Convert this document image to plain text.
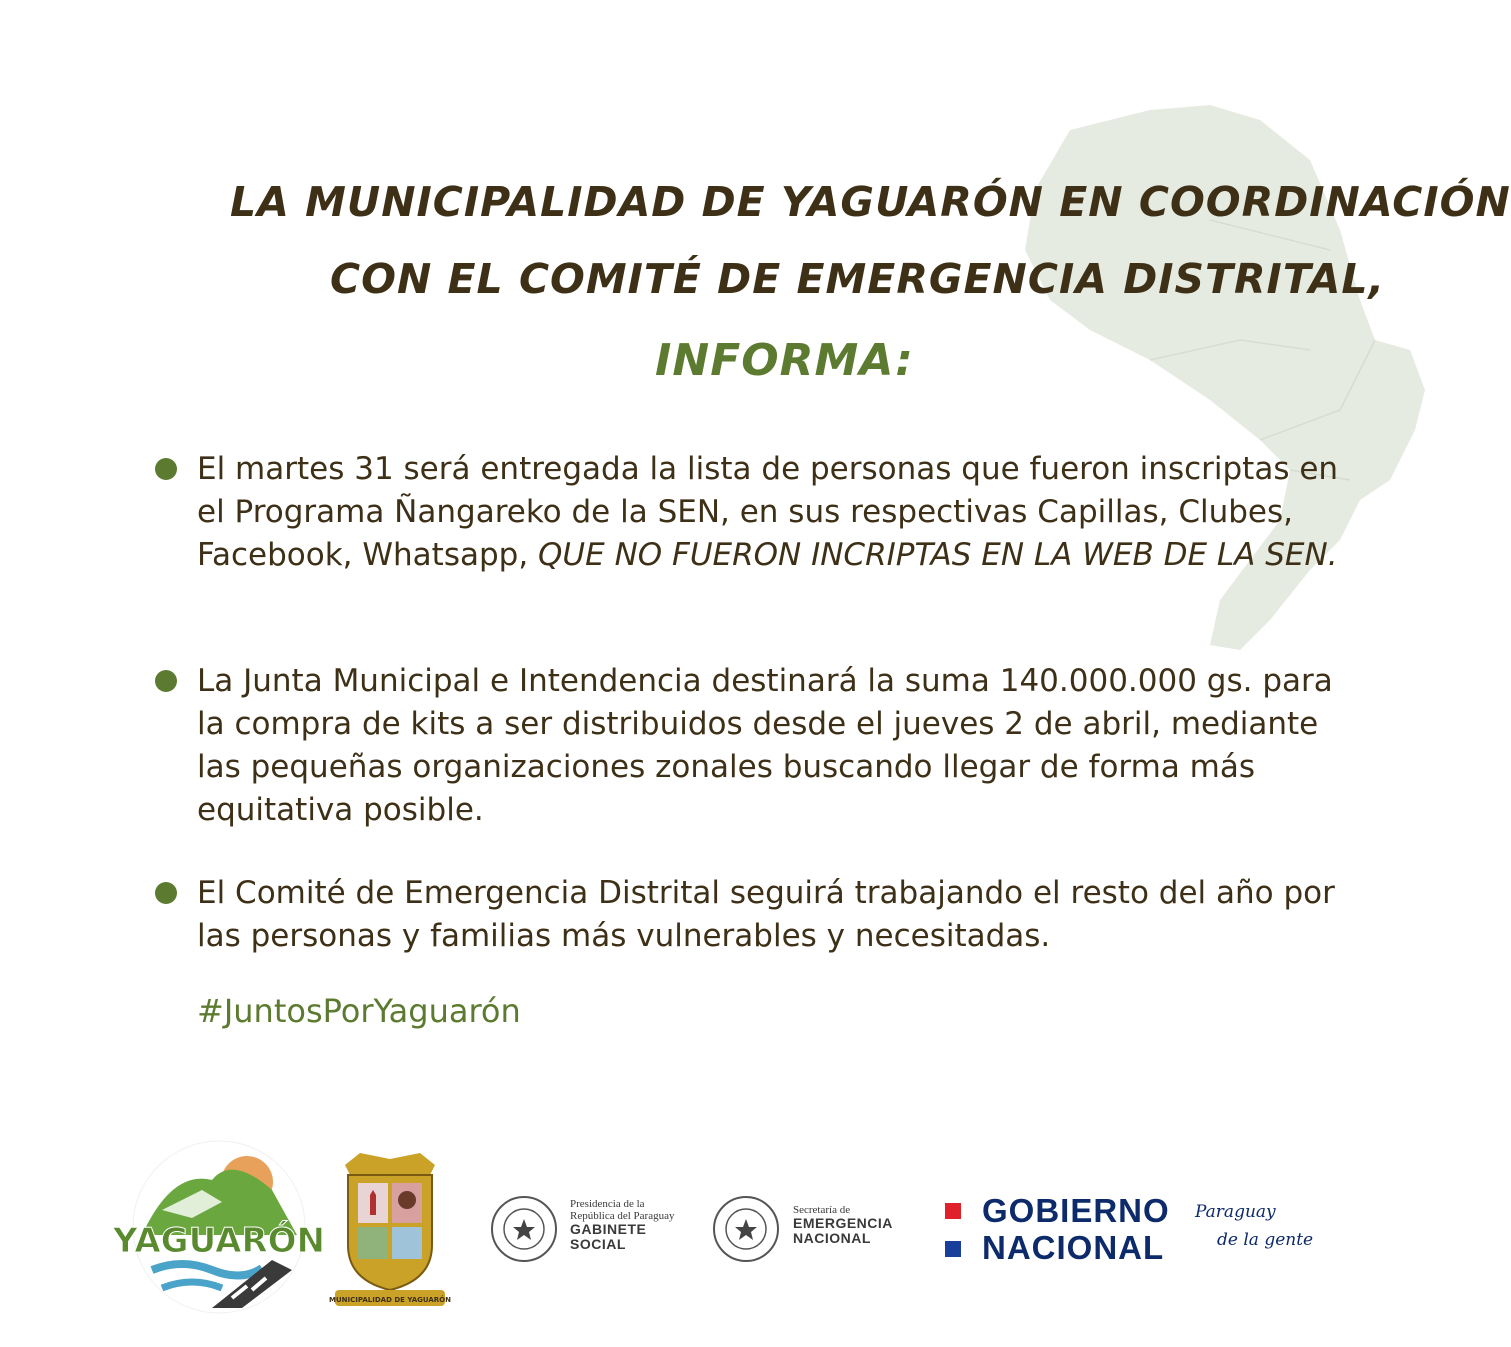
LA MUNICIPALIDAD DE YAGUARÓN EN COORDINACIÓN
CON EL COMITÉ DE EMERGENCIA DISTRITAL,
INFORMA:
El martes 31 será entregada la lista de personas que fueron inscriptas en el Programa Ñangareko de la SEN, en sus respectivas Capillas, Clubes, Facebook, Whatsapp, QUE NO FUERON INCRIPTAS EN LA WEB DE LA SEN.
La Junta Municipal e Intendencia destinará la suma 140.000.000 gs. para la compra de kits a ser distribuidos desde el jueves 2 de abril, mediante las pequeñas organizaciones zonales buscando llegar de forma más equitativa posible.
El Comité de Emergencia Distrital seguirá trabajando el resto del año por las personas y familias más vulnerables y necesitadas.
#JuntosPorYaguarón
YAGUARÓN
MUNICIPALIDAD DE YAGUARÓN
Presidencia de la
República del Paraguay
GABINETE
SOCIAL
Secretaría de
EMERGENCIA
NACIONAL
GOBIERNO
NACIONAL
Paraguay
de la gente
